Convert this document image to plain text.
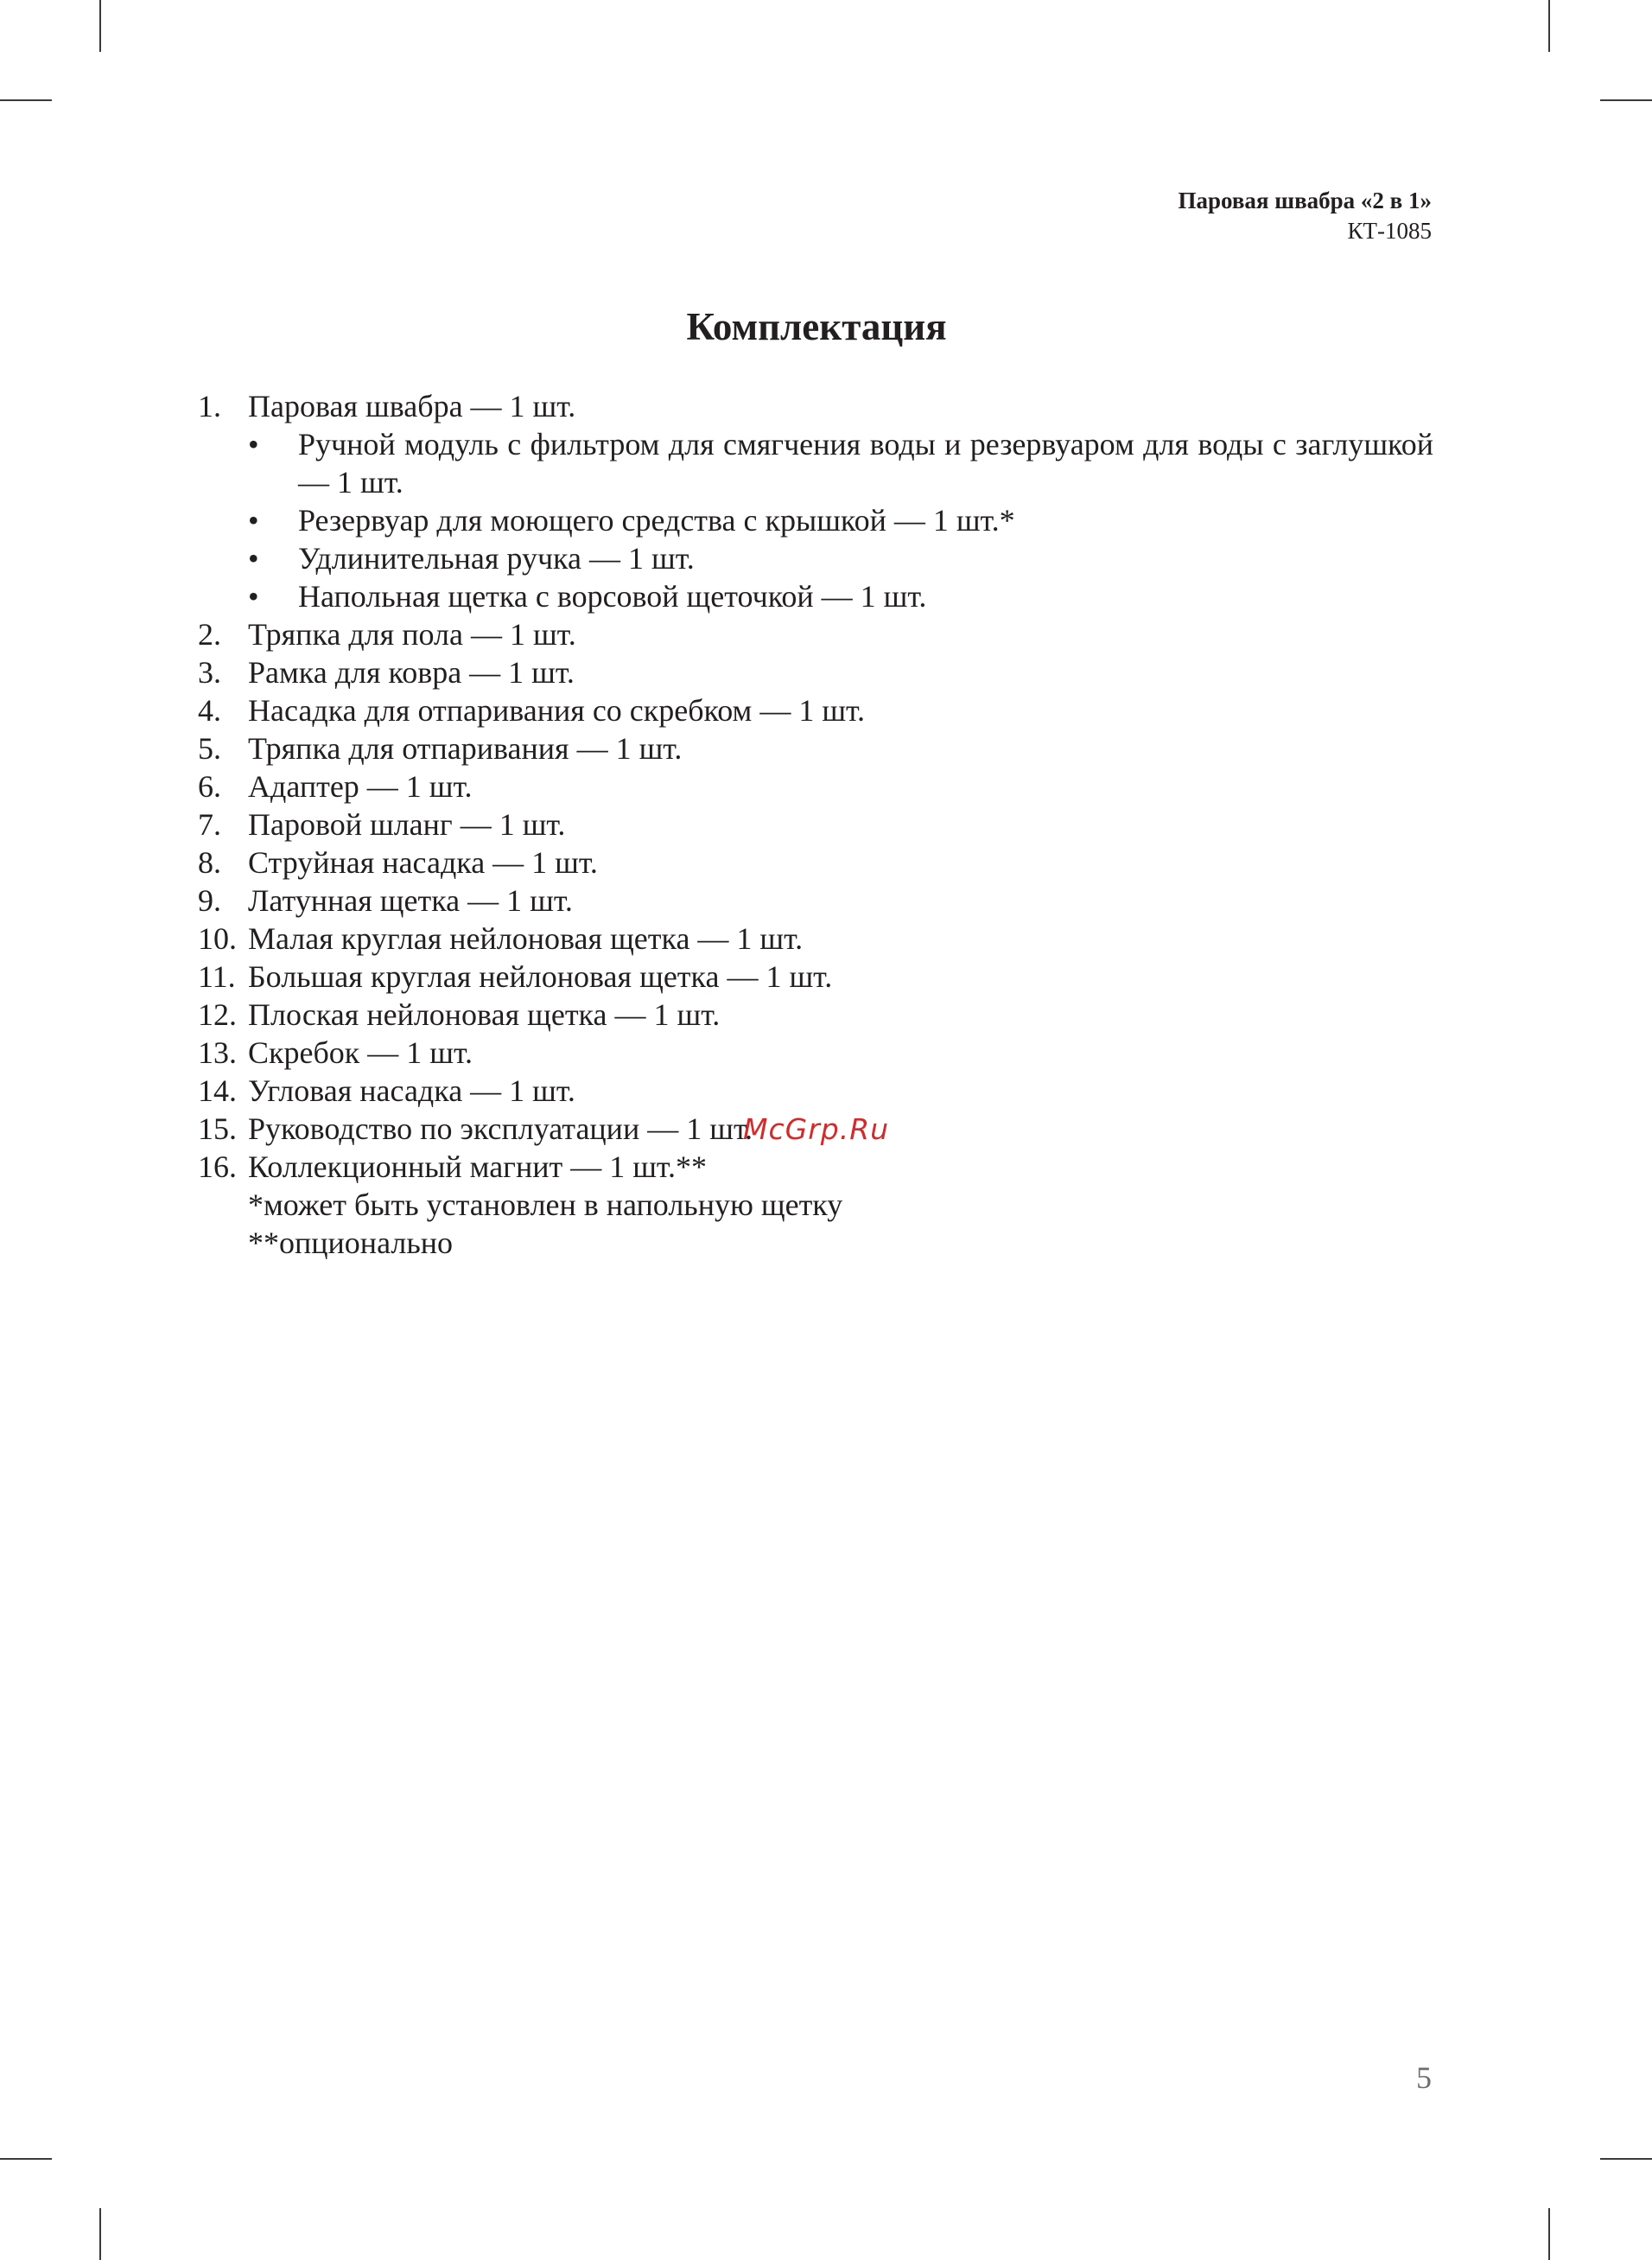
Паровая швабра «2 в 1»
КТ-1085
Комплектация
1. Паровая швабра — 1 шт.
• Ручной модуль с фильтром для смягчения воды и резервуаром для воды с заглушкой — 1 шт.
• Резервуар для моющего средства с крышкой — 1 шт.*
• Удлинительная ручка — 1 шт.
• Напольная щетка с ворсовой щеточкой — 1 шт.
2. Тряпка для пола — 1 шт.
3. Рамка для ковра — 1 шт.
4. Насадка для отпаривания со скребком — 1 шт.
5. Тряпка для отпаривания — 1 шт.
6. Адаптер — 1 шт.
7. Паровой шланг — 1 шт.
8. Струйная насадка — 1 шт.
9. Латунная щетка — 1 шт.
10. Малая круглая нейлоновая щетка — 1 шт.
11. Большая круглая нейлоновая щетка — 1 шт.
12. Плоская нейлоновая щетка — 1 шт.
13. Скребок — 1 шт.
14. Угловая насадка — 1 шт.
15. Руководство по эксплуатации — 1 шт.
16. Коллекционный магнит — 1 шт.**
*может быть установлен в напольную щетку
**опционально
McGrp.Ru
5
